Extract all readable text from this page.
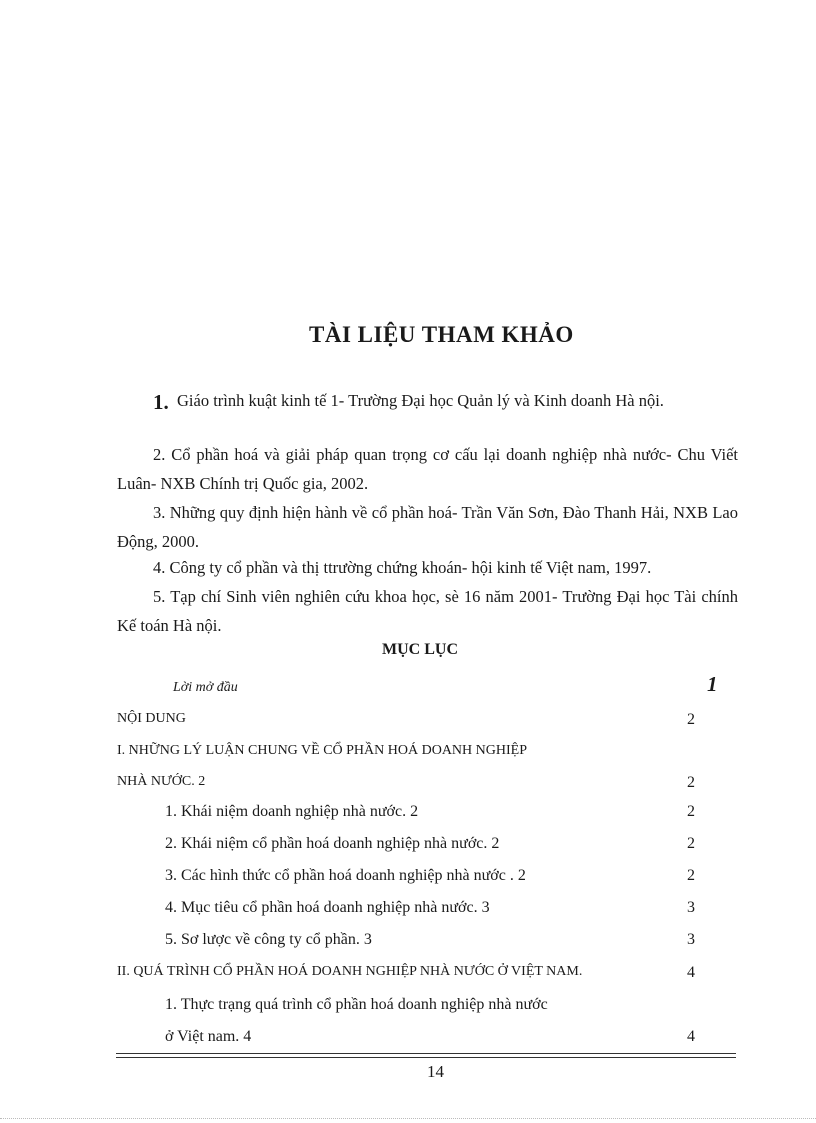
TÀI LIỆU THAM KHẢO
1. Giáo trình kuật kinh tế 1- Trường Đại học Quản lý và Kinh doanh Hà nội.

2. Cổ phần hoá và giải pháp quan trọng cơ cấu lại doanh nghiệp nhà nước- Chu Viết Luân- NXB Chính trị Quốc gia, 2002.

3. Những quy định hiện hành về cổ phần hoá- Trần Văn Sơn, Đào Thanh Hải, NXB Lao Động, 2000.

4. Công ty cổ phần và thị ttrường chứng khoán- hội kinh tế Việt nam, 1997.

5. Tạp chí Sinh viên nghiên cứu khoa học, sè 16 năm 2001- Trường Đại học Tài chính Kế toán Hà nội.

MỤC LỤC
Lời mở đầu	1
NỘI DUNG	2
I. NHỮNG LÝ LUẬN CHUNG VỀ CỔ PHẦN HOÁ DOANH NGHIỆP
NHÀ NƯỚC. 2	2
1. Khái niệm doanh nghiệp nhà nước. 2	2
2. Khái niệm cổ phần hoá doanh nghiệp nhà nước. 2	2
3. Các hình thức cổ phần hoá doanh nghiệp nhà nước . 2	2
4. Mục tiêu cổ phần hoá doanh nghiệp nhà nước. 3	3
5. Sơ lược về công ty cổ phần. 3	3
II. QUÁ TRÌNH CỔ PHẦN HOÁ DOANH NGHIỆP NHÀ NƯỚC Ở VIỆT NAM.	4
1. Thực trạng quá trình cổ phần hoá doanh nghiệp nhà nước
ở Việt nam. 4	4
14
